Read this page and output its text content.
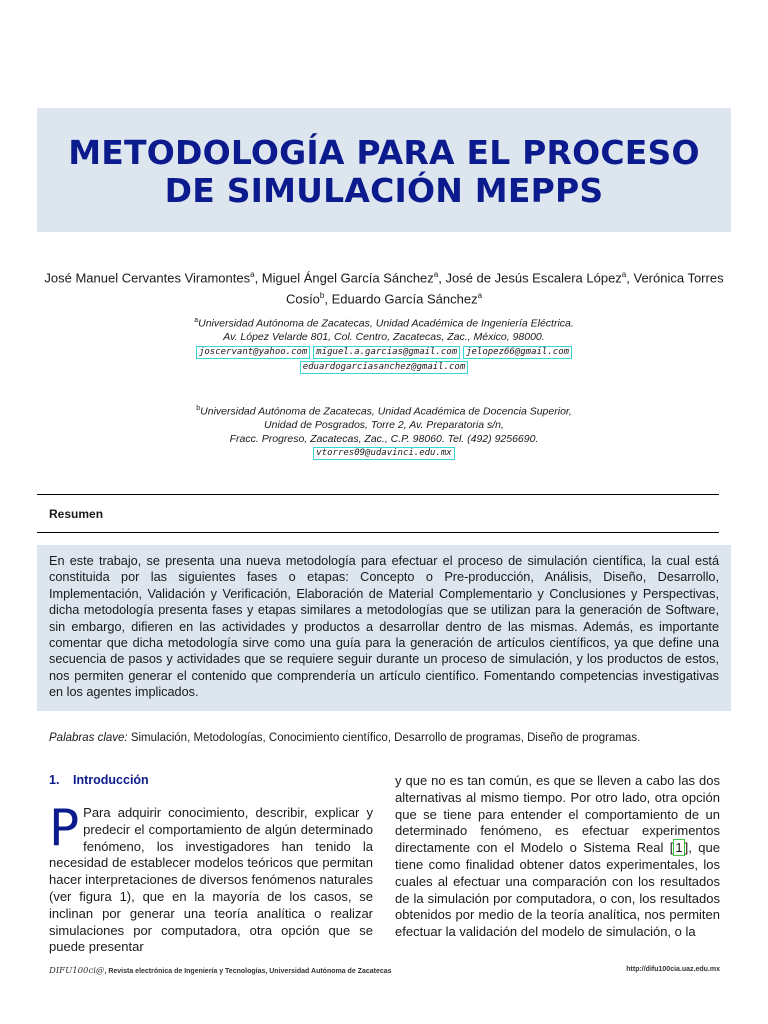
METODOLOGÍA PARA EL PROCESO
DE SIMULACIÓN MEPPS
José Manuel Cervantes Viramontes$^a$, Miguel Ángel García Sánchez$^a$, José de Jesús Escalera López$^a$, Verónica Torres Cosío$^b$, Eduardo García Sánchez$^a$
$^a$Universidad Autónoma de Zacatecas, Unidad Académica de Ingeniería Eléctrica.
Av. López Velarde 801, Col. Centro, Zacatecas, Zac., México, 98000.
joscervant@yahoo.com miguel.a.garcias@gmail.com jelopez66@gmail.com
eduardogarciasanchez@gmail.com
$^b$Universidad Autónoma de Zacatecas, Unidad Académica de Docencia Superior,
Unidad de Posgrados, Torre 2, Av. Preparatoria s/n,
Fracc. Progreso, Zacatecas, Zac., C.P. 98060. Tel. (492) 9256690.
vtorres09@udavinci.edu.mx
Resumen
En este trabajo, se presenta una nueva metodología para efectuar el proceso de simulación científica, la cual está constituida por las siguientes fases o etapas: Concepto o Pre-producción, Análisis, Diseño, Desarrollo, Implementación, Validación y Verificación, Elaboración de Material Complementario y Conclusiones y Perspectivas, dicha metodología presenta fases y etapas similares a metodologías que se utilizan para la generación de Software, sin embargo, difieren en las actividades y productos a desarrollar dentro de las mismas. Además, es importante comentar que dicha metodología sirve como una guía para la generación de artículos científicos, ya que define una secuencia de pasos y actividades que se requiere seguir durante un proceso de simulación, y los productos de estos, nos permiten generar el contenido que comprendería un artículo científico. Fomentando competencias investigativas en los agentes implicados.
Palabras clave: Simulación, Metodologías, Conocimiento científico, Desarrollo de programas, Diseño de programas.
1. Introducción
P Para adquirir conocimiento, describir, explicar y predecir el comportamiento de algún determinado fenómeno, los investigadores han tenido la necesidad de establecer modelos teóricos que permitan hacer interpretaciones de diversos fenómenos naturales (ver figura 1), que en la mayoría de los casos, se inclinan por generar una teoría analítica o realizar simulaciones por computadora, otra opción que se puede presentar
y que no es tan común, es que se lleven a cabo las dos alternativas al mismo tiempo. Por otro lado, otra opción que se tiene para entender el comportamiento de un determinado fenómeno, es efectuar experimentos directamente con el Modelo o Sistema Real [ 1 ], que tiene como finalidad obtener datos experimentales, los cuales al efectuar una comparación con los resultados de la simulación por computadora, o con, los resultados obtenidos por medio de la teoría analítica, nos permiten efectuar la validación del modelo de simulación, o la
DIFU100ci@, Revista electrónica de Ingeniería y Tecnologías, Universidad Autónoma de Zacatecas	http://difu100cia.uaz.edu.mx
